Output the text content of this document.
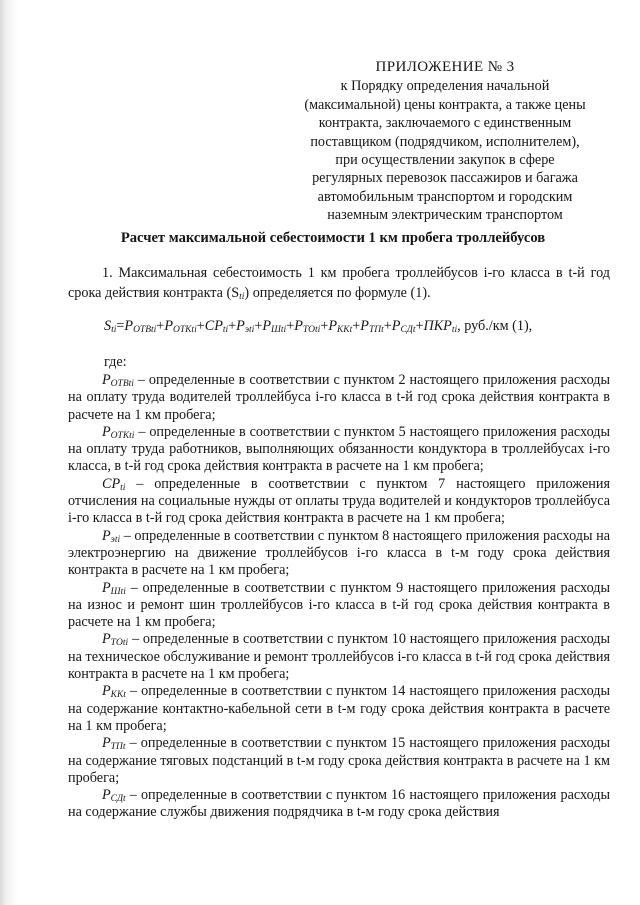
ПРИЛОЖЕНИЕ № 3
к Порядку определения начальной
(максимальной) цены контракта, а также цены
контракта, заключаемого с единственным
поставщиком (подрядчиком, исполнителем),
при осуществлении закупок в сфере
регулярных перевозок пассажиров и багажа
автомобильным транспортом и городским
наземным электрическим транспортом
Расчет максимальной себестоимости 1 км пробега троллейбусов
1. Максимальная себестоимость 1 км пробега троллейбусов i-го класса в t-й год
срока действия контракта $(S_{ti})$ определяется по формуле (1).
$S_{ti}=P_{ОТВti}+P_{ОТКti}+CP_{ti}+P_{эti}+P_{Шti}+P_{ТОti}+P_{ККt}+P_{ТПt}+P_{СДt}+ПКР_{ti}$, руб./км (1),
где:

$P_{ОТВti}$ – определенные в соответствии с пунктом 2 настоящего приложения расходы на оплату труда водителей троллейбуса i-го класса в t-й год срока действия контракта в расчете на 1 км пробега;

$P_{ОТКti}$ – определенные в соответствии с пунктом 5 настоящего приложения расходы на оплату труда работников, выполняющих обязанности кондуктора в троллейбусах i-го класса, в t-й год срока действия контракта в расчете на 1 км пробега;

$CP_{ti}$ – определенные в соответствии с пунктом 7 настоящего приложения отчисления на социальные нужды от оплаты труда водителей и кондукторов троллейбуса i-го класса в t-й год срока действия контракта в расчете на 1 км пробега;

$P_{эti}$ – определенные в соответствии с пунктом 8 настоящего приложения расходы на электроэнергию на движение троллейбусов i-го класса в t-м году срока действия контракта в расчете на 1 км пробега;

$P_{Шti}$ – определенные в соответствии с пунктом 9 настоящего приложения расходы на износ и ремонт шин троллейбусов i-го класса в t-й год срока действия контракта в расчете на 1 км пробега;

$P_{ТОti}$ – определенные в соответствии с пунктом 10 настоящего приложения расходы на техническое обслуживание и ремонт троллейбусов i-го класса в t-й год срока действия контракта в расчете на 1 км пробега;

$P_{ККt}$ – определенные в соответствии с пунктом 14 настоящего приложения расходы на содержание контактно-кабельной сети в t-м году срока действия контракта в расчете на 1 км пробега;

$P_{ТПt}$ – определенные в соответствии с пунктом 15 настоящего приложения расходы на содержание тяговых подстанций в t-м году срока действия контракта в расчете на 1 км пробега;

$P_{СДt}$ – определенные в соответствии с пунктом 16 настоящего приложения расходы на содержание службы движения подрядчика в t-м году срока действия
